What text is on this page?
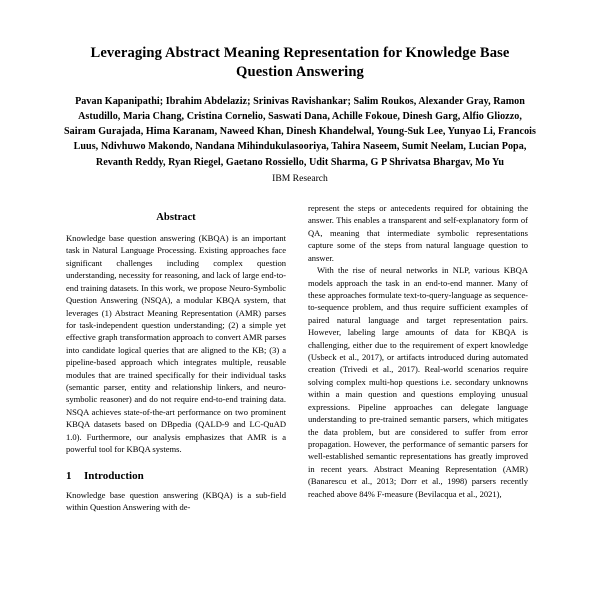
Leveraging Abstract Meaning Representation for Knowledge Base Question Answering
Pavan Kapanipathi; Ibrahim Abdelaziz; Srinivas Ravishankar; Salim Roukos, Alexander Gray, Ramon Astudillo, Maria Chang, Cristina Cornelio, Saswati Dana, Achille Fokoue, Dinesh Garg, Alfio Gliozzo, Sairam Gurajada, Hima Karanam, Naweed Khan, Dinesh Khandelwal, Young-Suk Lee, Yunyao Li, Francois Luus, Ndivhuwo Makondo, Nandana Mihindukulasooriya, Tahira Naseem, Sumit Neelam, Lucian Popa, Revanth Reddy, Ryan Riegel, Gaetano Rossiello, Udit Sharma, G P Shrivatsa Bhargav, Mo Yu
IBM Research
Abstract

Knowledge base question answering (KBQA) is an important task in Natural Language Processing. Existing approaches face significant challenges including complex question understanding, necessity for reasoning, and lack of large end-to-end training datasets. In this work, we propose Neuro-Symbolic Question Answering (NSQA), a modular KBQA system, that leverages (1) Abstract Meaning Representation (AMR) parses for task-independent question understanding; (2) a simple yet effective graph transformation approach to convert AMR parses into candidate logical queries that are aligned to the KB; (3) a pipeline-based approach which integrates multiple, reusable modules that are trained specifically for their individual tasks (semantic parser, entity and relationship linkers, and neuro-symbolic reasoner) and do not require end-to-end training data. NSQA achieves state-of-the-art performance on two prominent KBQA datasets based on DBpedia (QALD-9 and LC-QuAD 1.0). Furthermore, our analysis emphasizes that AMR is a powerful tool for KBQA systems.

1	Introduction

Knowledge base question answering (KBQA) is a sub-field within Question Answering with de-

represent the steps or antecedents required for obtaining the answer. This enables a transparent and self-explanatory form of QA, meaning that intermediate symbolic representations capture some of the steps from natural language question to answer.

With the rise of neural networks in NLP, various KBQA models approach the task in an end-to-end manner. Many of these approaches formulate text-to-query-language as sequence-to-sequence problem, and thus require sufficient examples of paired natural language and target representation pairs. However, labeling large amounts of data for KBQA is challenging, either due to the requirement of expert knowledge (Usbeck et al., 2017), or artifacts introduced during automated creation (Trivedi et al., 2017). Real-world scenarios require solving complex multi-hop questions i.e. secondary unknowns within a main question and questions employing unusual expressions. Pipeline approaches can delegate language understanding to pre-trained semantic parsers, which mitigates the data problem, but are considered to suffer from error propagation. However, the performance of semantic parsers for well-established semantic representations has greatly improved in recent years. Abstract Meaning Representation (AMR) (Banarescu et al., 2013; Dorr et al., 1998) parsers recently reached above 84% F-measure (Bevilacqua et al., 2021),
